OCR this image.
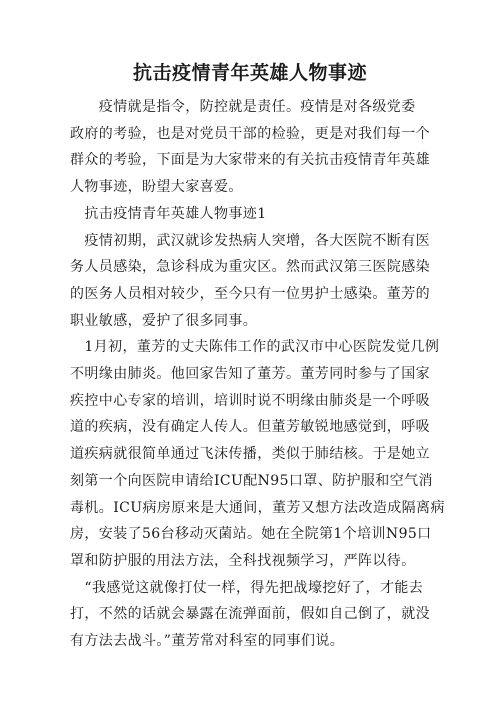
抗击疫情青年英雄人物事迹

　　疫情就是指令，防控就是责任。疫情是对各级党委
政府的考验，也是对党员干部的检验，更是对我们每一个
群众的考验，下面是为大家带来的有关抗击疫情青年英雄
人物事迹，盼望大家喜爱。

　抗击疫情青年英雄人物事迹1

　疫情初期，武汉就诊发热病人突增，各大医院不断有医
务人员感染，急诊科成为重灾区。然而武汉第三医院感染
的医务人员相对较少，至今只有一位男护士感染。董芳的
职业敏感，爱护了很多同事。

　1月初，董芳的丈夫陈伟工作的武汉市中心医院发觉几例
不明缘由肺炎。他回家告知了董芳。董芳同时参与了国家
疾控中心专家的培训，培训时说不明缘由肺炎是一个呼吸
道的疾病，没有确定人传人。但董芳敏锐地感觉到，呼吸
道疾病就很简单通过飞沫传播，类似于肺结核。于是她立
刻第一个向医院申请给ICU配N95口罩、防护服和空气消
毒机。ICU病房原来是大通间，董芳又想方法改造成隔离病
房，安装了56台移动灭菌站。她在全院第1个培训N95口
罩和防护服的用法方法，全科找视频学习，严阵以待。

　“我感觉这就像打仗一样，得先把战壕挖好了，才能去
打，不然的话就会暴露在流弹面前，假如自己倒了，就没
有方法去战斗。”董芳常对科室的同事们说。
